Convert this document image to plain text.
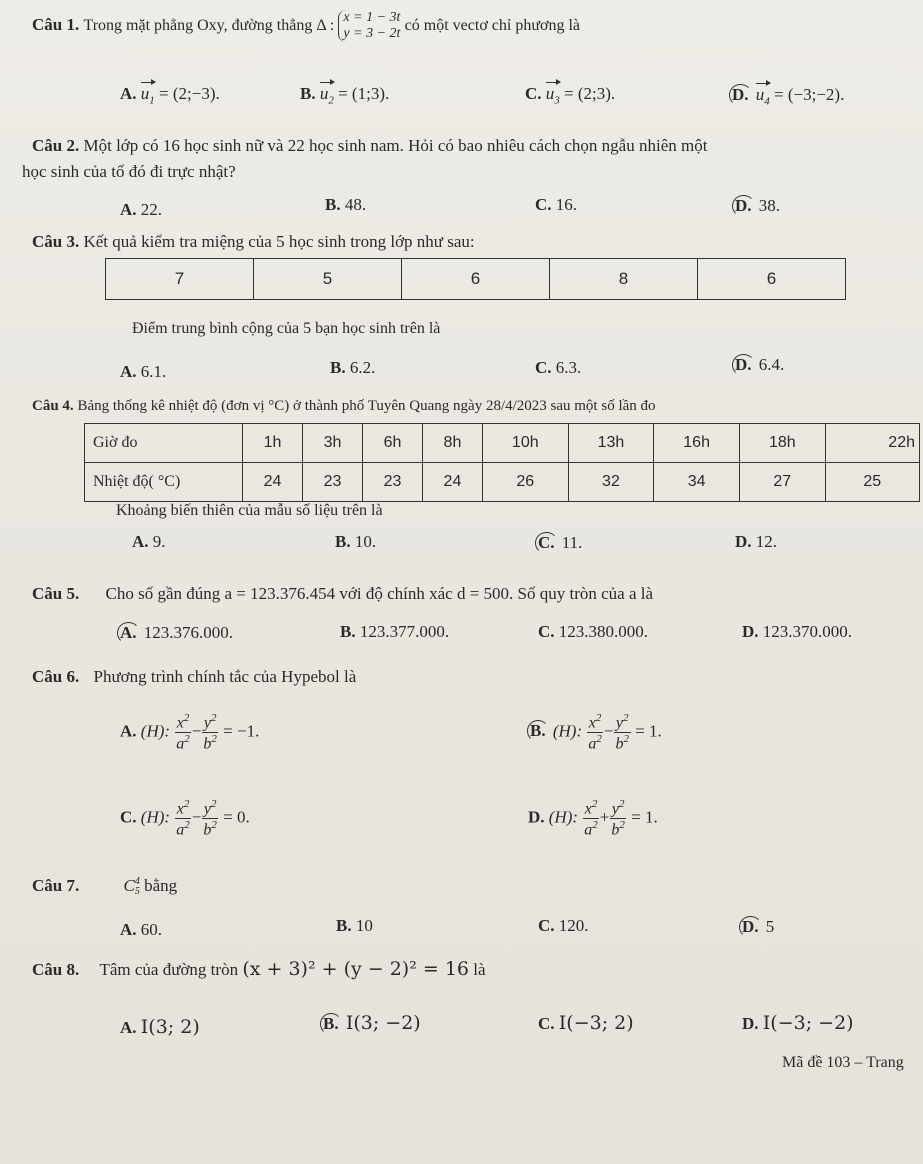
Câu 1. Trong mặt phẳng Oxy, đường thẳng Δ : x = 1 − 3t
y = 3 − 2t có một vectơ chỉ phương là
A. $u_1$ = (2;−3).	B. $u_2$ = (1;3).	C. $u_3$ = (2;3).	D. $u_4$ = (−3;−2).
Câu 2. Một lớp có 16 học sinh nữ và 22 học sinh nam. Hỏi có bao nhiêu cách chọn ngẫu nhiên một
học sinh của tổ đó đi trực nhật?
A. 22.	B. 48.	C. 16.	D. 38.
Câu 3. Kết quả kiểm tra miệng của 5 học sinh trong lớp như sau:
7	5	6	8	6
Điểm trung bình cộng của 5 bạn học sinh trên là
A. 6.1.	B. 6.2.	C. 6.3.	D. 6.4.
Câu 4. Bảng thống kê nhiệt độ (đơn vị °C) ở thành phố Tuyên Quang ngày 28/4/2023 sau một số lần đo
Giờ đo	1h	3h	6h	8h	10h	13h	16h	18h	22h
Nhiệt độ( °C)	24	23	23	24	26	32	34	27	25
Khoảng biến thiên của mẫu số liệu trên là
A. 9.	B. 10.	C. 11.	D. 12.
Câu 5. Cho số gần đúng a = 123.376.454 với độ chính xác d = 500. Số quy tròn của a là
A. 123.376.000.	B. 123.377.000.	C. 123.380.000.	D. 123.370.000.
Câu 6. Phương trình chính tắc của Hypebol là
A. (H): $\frac{x^2}{a^2} - \frac{y^2}{b^2} = -1$.	B. (H): $\frac{x^2}{a^2} - \frac{y^2}{b^2} = 1$.
C. (H): $\frac{x^2}{a^2} - \frac{y^2}{b^2} = 0$.	D. (H): $\frac{x^2}{a^2} + \frac{y^2}{b^2} = 1$.
Câu 7.	C 4
5 bằng
A. 60.	B. 10	C. 120.	D. 5
Câu 8. Tâm của đường tròn (x + 3)² + (y − 2)² = 16 là
A. I(3; 2)	B. I(3; −2)	C. I(−3; 2)	D. I(−3; −2)
Mã đề 103 – Trang
